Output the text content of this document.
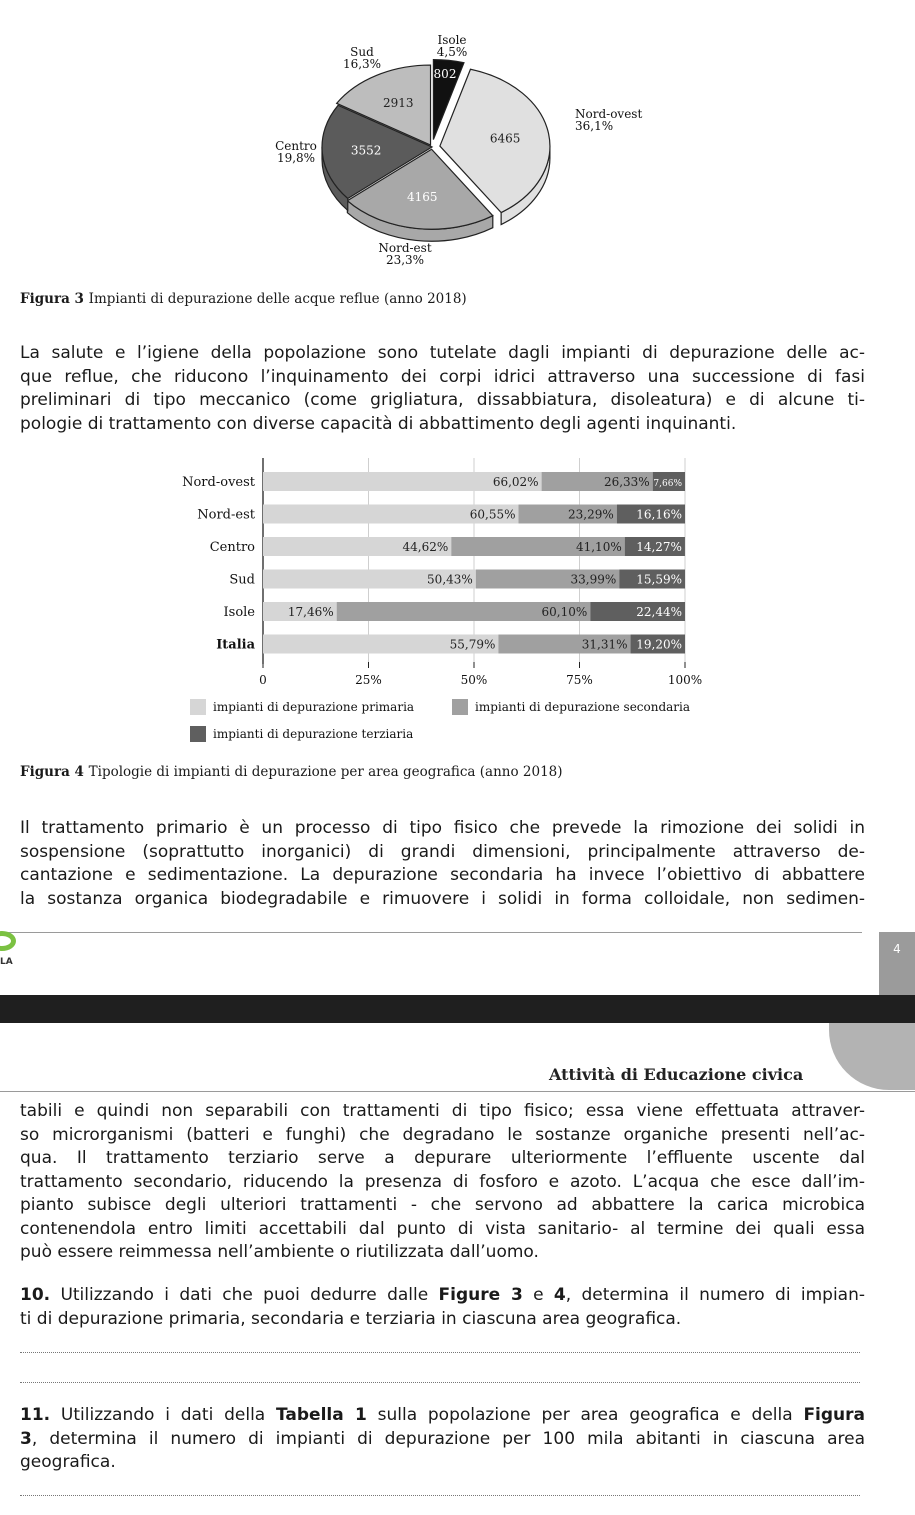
802
Isole
4,5%
6465
Nord-ovest
36,1%
4165
Nord-est
23,3%
3552
Centro
19,8%
2913
Sud
16,3%
Figura 3 Impianti di depurazione delle acque reflue (anno 2018)
La salute e l’igiene della popolazione sono tutelate dagli impianti di depurazione delle ac-
que reflue, che riducono l’inquinamento dei corpi idrici attraverso una successione di fasi
preliminari di tipo meccanico (come grigliatura, dissabbiatura, disoleatura) e di alcune ti-
pologie di trattamento con diverse capacità di abbattimento degli agenti inquinanti.
66,02%	26,33% 7,66%
60,55%	23,29% 16,16%
44,62%	41,10% 14,27%
50,43%	33,99% 15,59%
17,46%	60,10%	22,44%
55,79%	31,31% 19,20%
Nord-ovest
Nord-est
Centro
Sud
Isole
Italia
0	25%	50%	75%	100%
impianti di depurazione primaria	impianti di depurazione secondaria
impianti di depurazione terziaria
Figura 4 Tipologie di impianti di depurazione per area geografica (anno 2018)
Il trattamento primario è un processo di tipo fisico che prevede la rimozione dei solidi in
sospensione (soprattutto inorganici) di grandi dimensioni, principalmente attraverso de-
cantazione e sedimentazione. La depurazione secondaria ha invece l’obiettivo di abbattere
la sostanza organica biodegradabile e rimuovere i solidi in forma colloidale, non sedimen-
LA
4
Attività di Educazione civica
tabili e quindi non separabili con trattamenti di tipo fisico; essa viene effettuata attraver-
so microrganismi (batteri e funghi) che degradano le sostanze organiche presenti nell’ac-
qua. Il trattamento terziario serve a depurare ulteriormente l’effluente uscente dal
trattamento secondario, riducendo la presenza di fosforo e azoto. L’acqua che esce dall’im-
pianto subisce degli ulteriori trattamenti - che servono ad abbattere la carica microbica
contenendola entro limiti accettabili dal punto di vista sanitario- al termine dei quali essa
può essere reimmessa nell’ambiente o riutilizzata dall’uomo.
10. Utilizzando i dati che puoi dedurre dalle Figure 3 e 4, determina il numero di impian-
ti di depurazione primaria, secondaria e terziaria in ciascuna area geografica.
11. Utilizzando i dati della Tabella 1 sulla popolazione per area geografica e della Figura
3, determina il numero di impianti di depurazione per 100 mila abitanti in ciascuna area
geografica.
